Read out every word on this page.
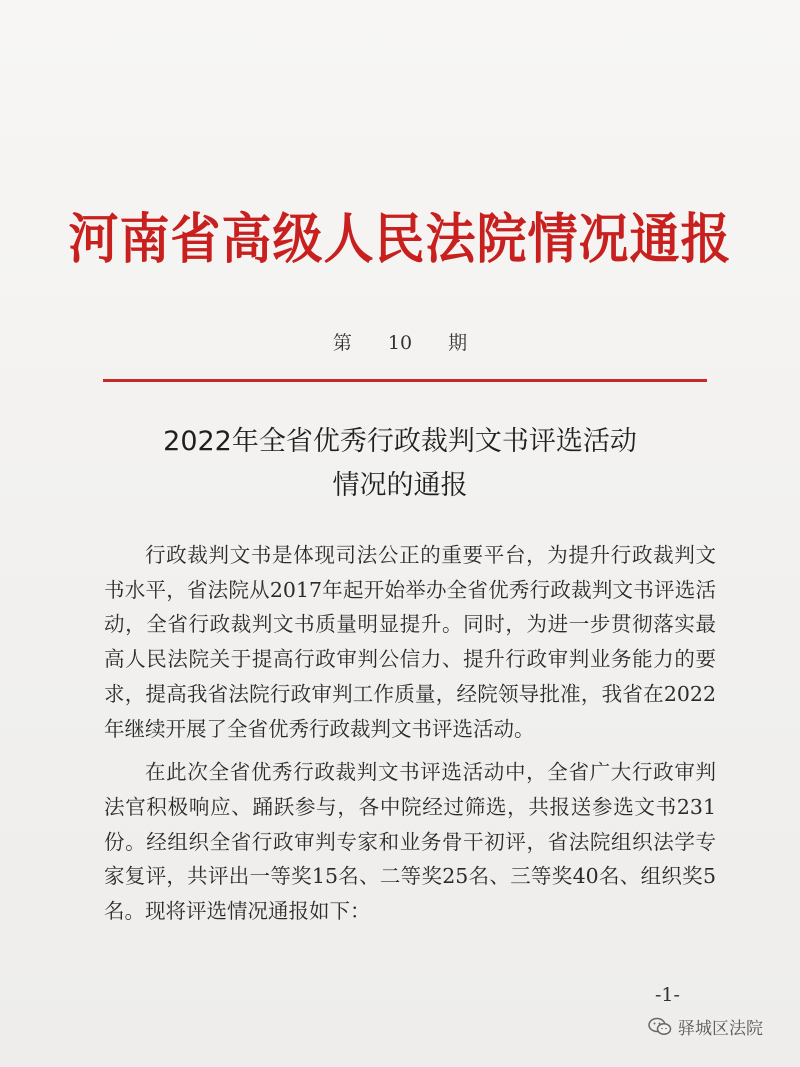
河南省高级人民法院情况通报
第 10 期
2022年全省优秀行政裁判文书评选活动
情况的通报

行政裁判文书是体现司法公正的重要平台，为提升行政裁判文书水平，省法院从2017年起开始举办全省优秀行政裁判文书评选活动，全省行政裁判文书质量明显提升。同时，为进一步贯彻落实最高人民法院关于提高行政审判公信力、提升行政审判业务能力的要求，提高我省法院行政审判工作质量，经院领导批准，我省在2022年继续开展了全省优秀行政裁判文书评选活动。

在此次全省优秀行政裁判文书评选活动中，全省广大行政审判法官积极响应、踊跃参与，各中院经过筛选，共报送参选文书231份。经组织全省行政审判专家和业务骨干初评，省法院组织法学专家复评，共评出一等奖15名、二等奖25名、三等奖40名、组织奖5名。现将评选情况通报如下：

-1-
驿城区法院
